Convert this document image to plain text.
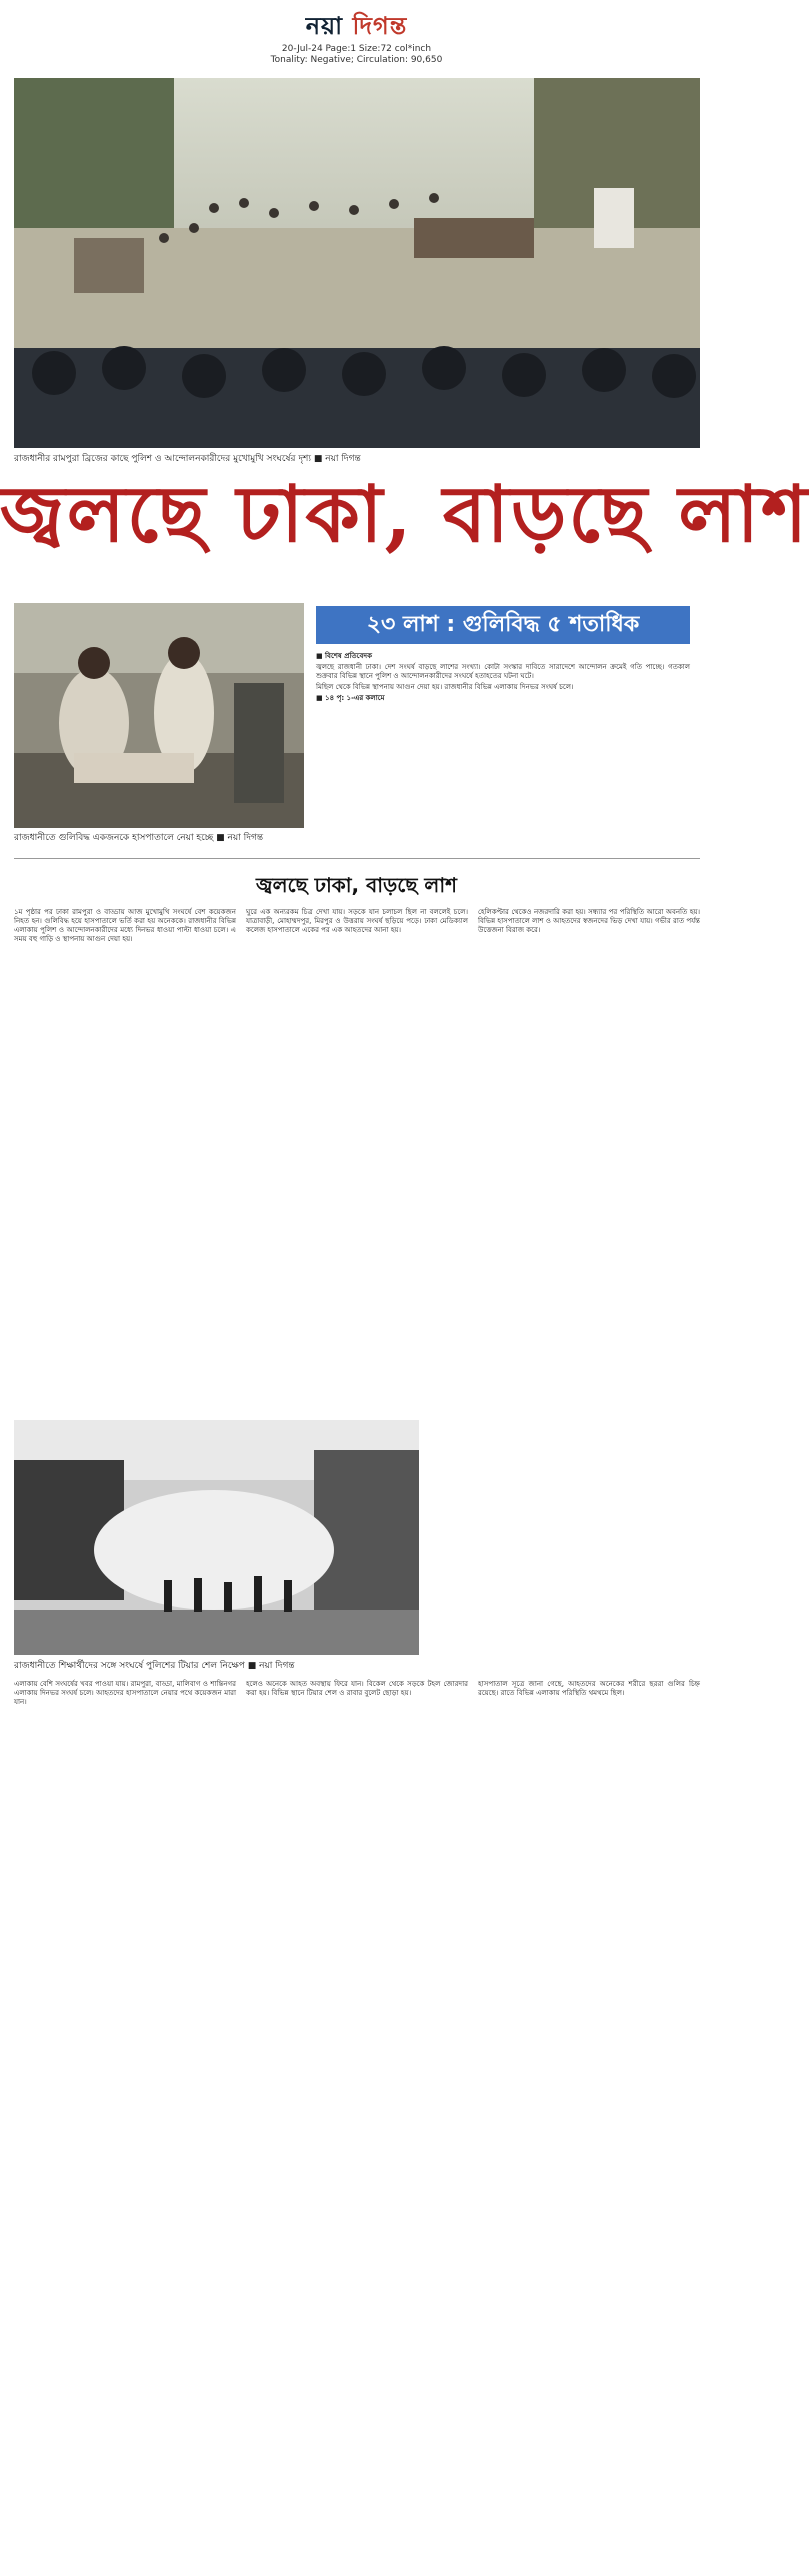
নয়া দিগন্ত
20-Jul-24 Page:1 Size:72 col*inch
Tonality: Negative; Circulation: 90,650
রাজধানীর রামপুরা ব্রিজের কাছে পুলিশ ও আন্দোলনকারীদের মুখোমুখি সংঘর্ষের দৃশ্য ■ নয়া দিগন্ত
জ্বলছে ঢাকা, বাড়ছে লাশ
রাজধানীতে গুলিবিদ্ধ একজনকে হাসপাতালে নেয়া হচ্ছে ■ নয়া দিগন্ত
২৩ লাশ : গুলিবিদ্ধ ৫ শতাধিক

■ বিশেষ প্রতিবেদক

জ্বলছে রাজধানী ঢাকা। দেশ সংঘর্ষ বাড়ছে লাশের সংখ্যা। কোটা সংস্কার দাবিতে সারাদেশে আন্দোলন ক্রমেই গতি পাচ্ছে। গতকাল শুক্রবার বিভিন্ন স্থানে পুলিশ ও আন্দোলনকারীদের সংঘর্ষে হতাহতের ঘটনা ঘটে।

মিছিল থেকে বিভিন্ন স্থাপনায় আগুন দেয়া হয়। রাজধানীর বিভিন্ন এলাকায় দিনভর সংঘর্ষ চলে।

■ ১৪ পৃ: ১-এর কলামে

জ্বলছে ঢাকা, বাড়ছে লাশ
১ম পৃষ্ঠার পর ঢাকা রামপুরা ও বাড্ডায় আজ মুখোমুখি সংঘর্ষে বেশ কয়েকজন নিহত হন। গুলিবিদ্ধ হয়ে হাসপাতালে ভর্তি করা হয় অনেককে। রাজধানীর বিভিন্ন এলাকায় পুলিশ ও আন্দোলনকারীদের মধ্যে দিনভর ধাওয়া পাল্টা ধাওয়া চলে। এ সময় বহু গাড়ি ও স্থাপনায় আগুন দেয়া হয়।
ঘুরে এক অন্যরকম চিত্র দেখা যায়। সড়কে যান চলাচল ছিল না বললেই চলে। যাত্রাবাড়ী, মোহাম্মদপুর, মিরপুর ও উত্তরায় সংঘর্ষ ছড়িয়ে পড়ে। ঢাকা মেডিক্যাল কলেজ হাসপাতালে একের পর এক আহতদের আনা হয়।
হেলিকপ্টার থেকেও নজরদারি করা হয়। সন্ধ্যার পর পরিস্থিতি আরো অবনতি হয়। বিভিন্ন হাসপাতালে লাশ ও আহতদের স্বজনদের ভিড় দেখা যায়। গভীর রাত পর্যন্ত উত্তেজনা বিরাজ করে।
রাজধানীতে শিক্ষার্থীদের সঙ্গে সংঘর্ষে পুলিশের টিয়ার শেল নিক্ষেপ ■ নয়া দিগন্ত
এলাকায় বেশি সংঘর্ষের খবর পাওয়া যায়। রামপুরা, বাড্ডা, মালিবাগ ও শান্তিনগর এলাকায় দিনভর সংঘর্ষ চলে। আহতদের হাসপাতালে নেয়ার পথে কয়েকজন মারা যান।
হলেও অনেকে আহত অবস্থায় ফিরে যান। বিকেল থেকে সড়কে টহল জোরদার করা হয়। বিভিন্ন স্থানে টিয়ার শেল ও রাবার বুলেট ছোড়া হয়।
হাসপাতাল সূত্রে জানা গেছে, আহতদের অনেকের শরীরে ছররা গুলির চিহ্ন রয়েছে। রাতে বিভিন্ন এলাকায় পরিস্থিতি থমথমে ছিল।
